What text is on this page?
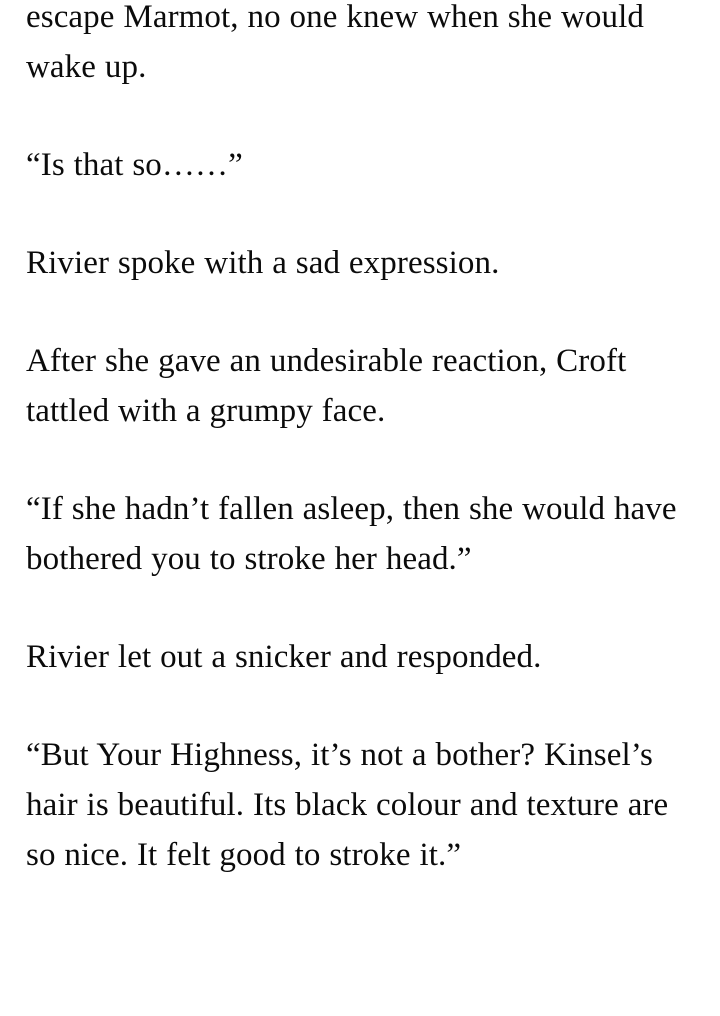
escape Marmot, no one knew when she would wake up.

“Is that so……”

Rivier spoke with a sad expression.

After she gave an undesirable reaction, Croft tattled with a grumpy face.

“If she hadn’t fallen asleep, then she would have bothered you to stroke her head.”

Rivier let out a snicker and responded.

“But Your Highness, it’s not a bother? Kinsel’s hair is beautiful. Its black colour and texture are so nice. It felt good to stroke it.”
